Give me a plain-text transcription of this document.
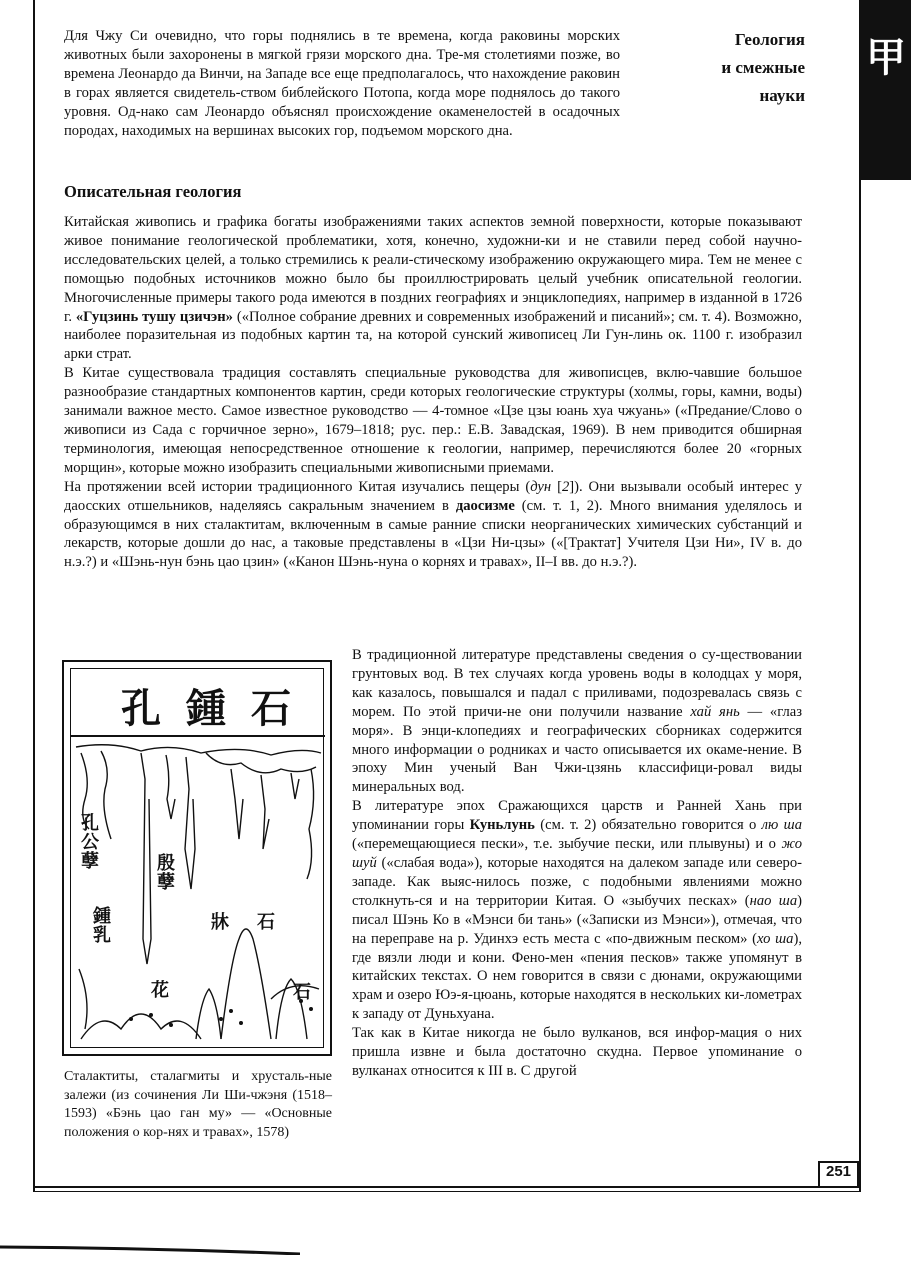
甲
Геология
и смежные
науки

Для Чжу Си очевидно, что горы поднялись в те времена, когда раковины морских животных были захоронены в мягкой грязи морского дна. Тре-мя столетиями позже, во времена Леонардо да Винчи, на Западе все еще предполагалось, что нахождение раковин в горах является свидетель-ством библейского Потопа, когда море поднялось до такого уровня. Од-нако сам Леонардо объяснял происхождение окаменелостей в осадочных породах, находимых на вершинах высоких гор, подъемом морского дна.

Описательная геология

Китайская живопись и графика богаты изображениями таких аспектов земной поверхности, которые показывают живое понимание геологической проблематики, хотя, конечно, художни-ки и не ставили перед собой научно-исследовательских целей, а только стремились к реали-стическому изображению окружающего мира. Тем не менее с помощью подобных источников можно было бы проиллюстрировать целый учебник описательной геологии. Многочисленные примеры такого рода имеются в поздних географиях и энциклопедиях, например в изданной в 1726 г. «Гуцзинь тушу цзичэн» («Полное собрание древних и современных изображений и писаний»; см. т. 4). Возможно, наиболее поразительная из подобных картин та, на которой сунский живописец Ли Гун-линь ок. 1100 г. изобразил арки страт.

В Китае существовала традиция составлять специальные руководства для живописцев, вклю-чавшие большое разнообразие стандартных компонентов картин, среди которых геологические структуры (холмы, горы, камни, воды) занимали важное место. Самое известное руководство — 4-томное «Цзе цзы юань хуа чжуань» («Предание/Слово о живописи из Сада с горчичное зерно», 1679–1818; рус. пер.: Е.В. Завадская, 1969). В нем приводится обширная терминология, имеющая непосредственное отношение к геологии, например, перечисляются более 20 «горных морщин», которые можно изобразить специальными живописными приемами.

На протяжении всей истории традиционного Китая изучались пещеры (дун [2]). Они вызывали особый интерес у даосских отшельников, наделяясь сакральным значением в даосизме (см. т. 1, 2). Много внимания уделялось и образующимся в них сталактитам, включенным в самые ранние списки неорганических химических субстанций и лекарств, которые дошли до нас, а таковые представлены в «Цзи Ни-цзы» («[Трактат] Учителя Цзи Ни», IV в. до н.э.?) и «Шэнь-нун бэнь цао цзин» («Канон Шэнь-нуна о корнях и травах», II–I вв. до н.э.?).

孔 鍾 石
孔公孽	殷孽
鍾乳
牀 石
石
花
Сталактиты, сталагмиты и хрусталь-ные залежи (из сочинения Ли Ши-чжэня (1518–1593) «Бэнь цао ган му» — «Основные положения о кор-нях и травах», 1578)

В традиционной литературе представлены сведения о су-ществовании грунтовых вод. В тех случаях когда уровень воды в колодцах у моря, как казалось, повышался и падал с приливами, подозревалась связь с морем. По этой причи-не они получили название хай янь — «глаз моря». В энци-клопедиях и географических сборниках содержится много информации о родниках и часто описывается их окаме-нение. В эпоху Мин ученый Ван Чжи-цзянь классифици-ровал виды минеральных вод.

В литературе эпох Сражающихся царств и Ранней Хань при упоминании горы Куньлунь (см. т. 2) обязательно говорится о лю ша («перемещающиеся пески», т.е. зыбучие пески, или плывуны) и о жо шуй («слабая вода»), которые находятся на далеком западе или северо-западе. Как выяс-нилось позже, с подобными явлениями можно столкнуть-ся и на территории Китая. О «зыбучих песках» (нао ша) писал Шэнь Ко в «Мэнси би тань» («Записки из Мэнси»), отмечая, что на переправе на р. Удинхэ есть места с «по-движным песком» (хо ша), где вязли люди и кони. Фено-мен «пения песков» также упомянут в китайских текстах. О нем говорится в связи с дюнами, окружающими храм и озеро Юэ-я-цюань, которые находятся в нескольких ки-лометрах к западу от Дуньхуана.

Так как в Китае никогда не было вулканов, вся инфор-мация о них пришла извне и была достаточно скудна. Первое упоминание о вулканах относится к III в. С другой

251
